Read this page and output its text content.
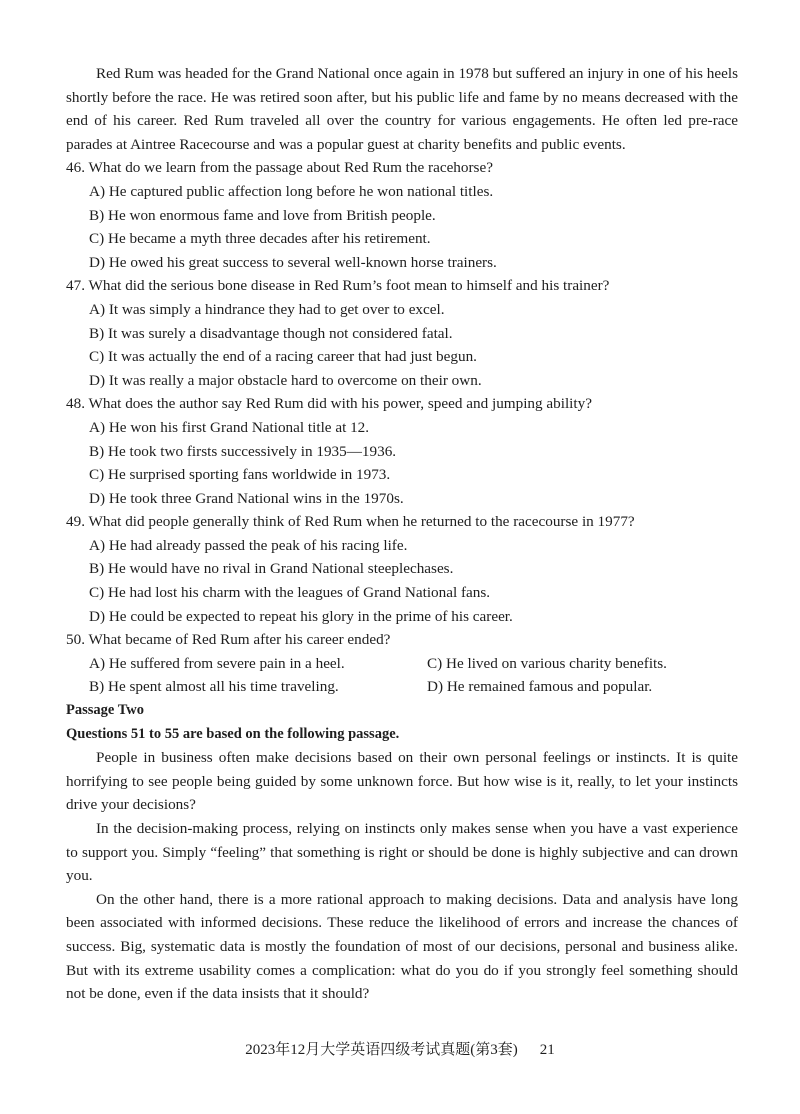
Red Rum was headed for the Grand National once again in 1978 but suffered an injury in one of his heels shortly before the race. He was retired soon after, but his public life and fame by no means decreased with the end of his career. Red Rum traveled all over the country for various engagements. He often led pre-race parades at Aintree Racecourse and was a popular guest at charity benefits and public events.

46. What do we learn from the passage about Red Rum the racehorse?

A) He captured public affection long before he won national titles.

B) He won enormous fame and love from British people.

C) He became a myth three decades after his retirement.

D) He owed his great success to several well-known horse trainers.

47. What did the serious bone disease in Red Rum’s foot mean to himself and his trainer?

A) It was simply a hindrance they had to get over to excel.

B) It was surely a disadvantage though not considered fatal.

C) It was actually the end of a racing career that had just begun.

D) It was really a major obstacle hard to overcome on their own.

48. What does the author say Red Rum did with his power, speed and jumping ability?

A) He won his first Grand National title at 12.

B) He took two firsts successively in 1935—1936.

C) He surprised sporting fans worldwide in 1973.

D) He took three Grand National wins in the 1970s.

49. What did people generally think of Red Rum when he returned to the racecourse in 1977?

A) He had already passed the peak of his racing life.

B) He would have no rival in Grand National steeplechases.

C) He had lost his charm with the leagues of Grand National fans.

D) He could be expected to repeat his glory in the prime of his career.

50. What became of Red Rum after his career ended?

A) He suffered from severe pain in a heel.	C) He lived on various charity benefits.
B) He spent almost all his time traveling.	D) He remained famous and popular.

Passage Two

Questions 51 to 55 are based on the following passage.

People in business often make decisions based on their own personal feelings or instincts. It is quite horrifying to see people being guided by some unknown force. But how wise is it, really, to let your instincts drive your decisions?

In the decision-making process, relying on instincts only makes sense when you have a vast experience to support you. Simply “feeling” that something is right or should be done is highly subjective and can drown you.

On the other hand, there is a more rational approach to making decisions. Data and analysis have long been associated with informed decisions. These reduce the likelihood of errors and increase the chances of success. Big, systematic data is mostly the foundation of most of our decisions, personal and business alike. But with its extreme usability comes a complication: what do you do if you strongly feel something should not be done, even if the data insists that it should?

2023年12月大学英语四级考试真题(第3套) 21
